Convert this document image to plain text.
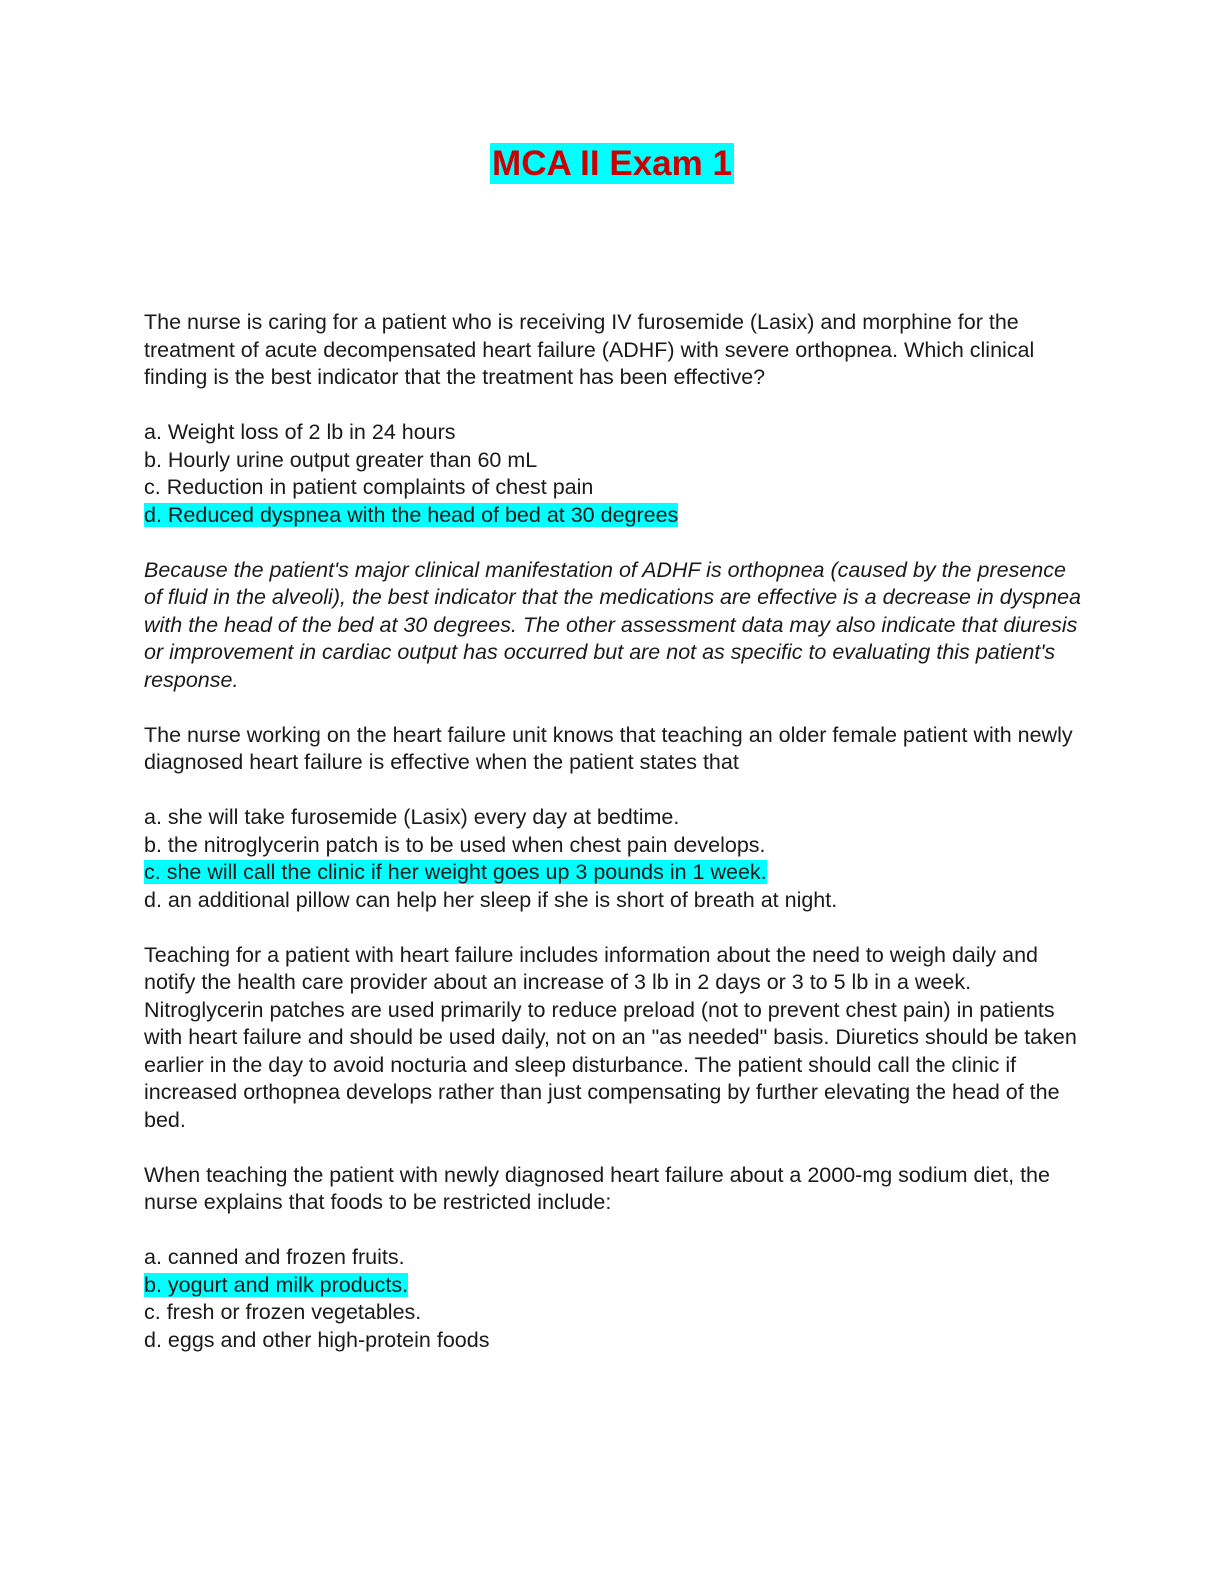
MCA II Exam 1

The nurse is caring for a patient who is receiving IV furosemide (Lasix) and morphine for the treatment of acute decompensated heart failure (ADHF) with severe orthopnea. Which clinical finding is the best indicator that the treatment has been effective?

a. Weight loss of 2 lb in 24 hours

b. Hourly urine output greater than 60 mL

c. Reduction in patient complaints of chest pain

d. Reduced dyspnea with the head of bed at 30 degrees

Because the patient's major clinical manifestation of ADHF is orthopnea (caused by the presence of fluid in the alveoli), the best indicator that the medications are effective is a decrease in dyspnea with the head of the bed at 30 degrees. The other assessment data may also indicate that diuresis or improvement in cardiac output has occurred but are not as specific to evaluating this patient's response.

The nurse working on the heart failure unit knows that teaching an older female patient with newly diagnosed heart failure is effective when the patient states that

a. she will take furosemide (Lasix) every day at bedtime.

b. the nitroglycerin patch is to be used when chest pain develops.

c. she will call the clinic if her weight goes up 3 pounds in 1 week.

d. an additional pillow can help her sleep if she is short of breath at night.

Teaching for a patient with heart failure includes information about the need to weigh daily and notify the health care provider about an increase of 3 lb in 2 days or 3 to 5 lb in a week. Nitroglycerin patches are used primarily to reduce preload (not to prevent chest pain) in patients with heart failure and should be used daily, not on an "as needed" basis. Diuretics should be taken earlier in the day to avoid nocturia and sleep disturbance. The patient should call the clinic if increased orthopnea develops rather than just compensating by further elevating the head of the bed.

When teaching the patient with newly diagnosed heart failure about a 2000-mg sodium diet, the nurse explains that foods to be restricted include:

a. canned and frozen fruits.

b. yogurt and milk products.

c. fresh or frozen vegetables.

d. eggs and other high-protein foods
